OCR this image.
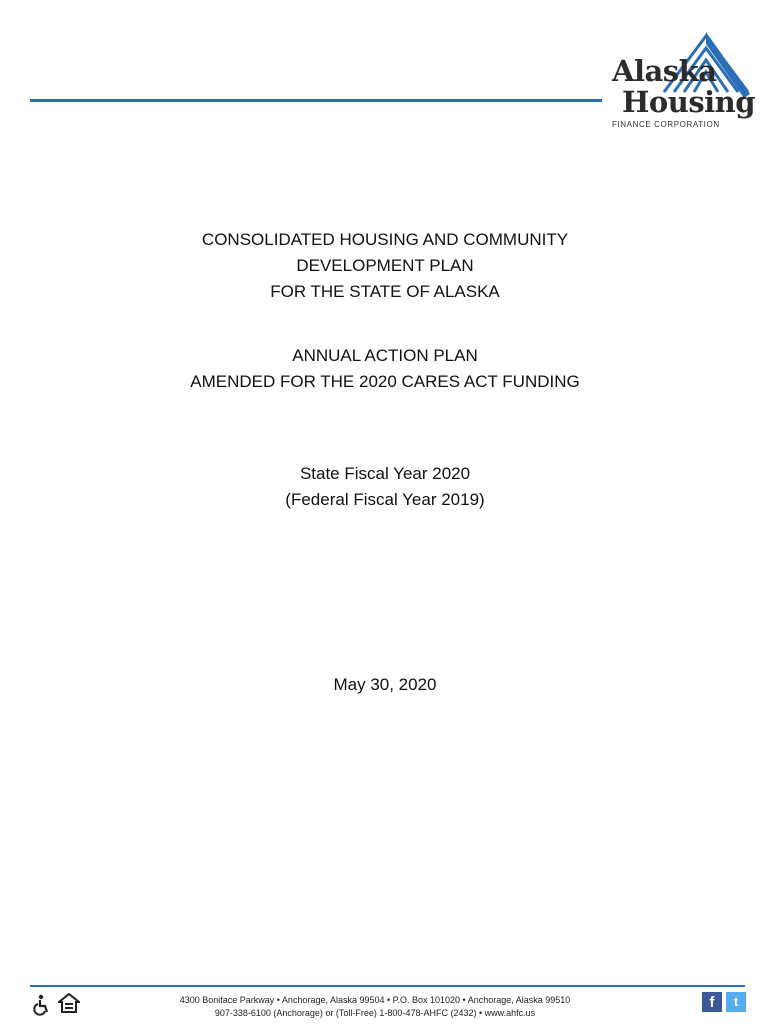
Alaska
Housing
FINANCE CORPORATION
CONSOLIDATED HOUSING AND COMMUNITY
DEVELOPMENT PLAN
FOR THE STATE OF ALASKA
ANNUAL ACTION PLAN
AMENDED FOR THE 2020 CARES ACT FUNDING
State Fiscal Year 2020
(Federal Fiscal Year 2019)
May 30, 2020
4300 Boniface Parkway • Anchorage, Alaska 99504 • P.O. Box 101020 • Anchorage, Alaska 99510
907-338-6100 (Anchorage) or (Toll-Free) 1-800-478-AHFC (2432) • www.ahfc.us
f	t
